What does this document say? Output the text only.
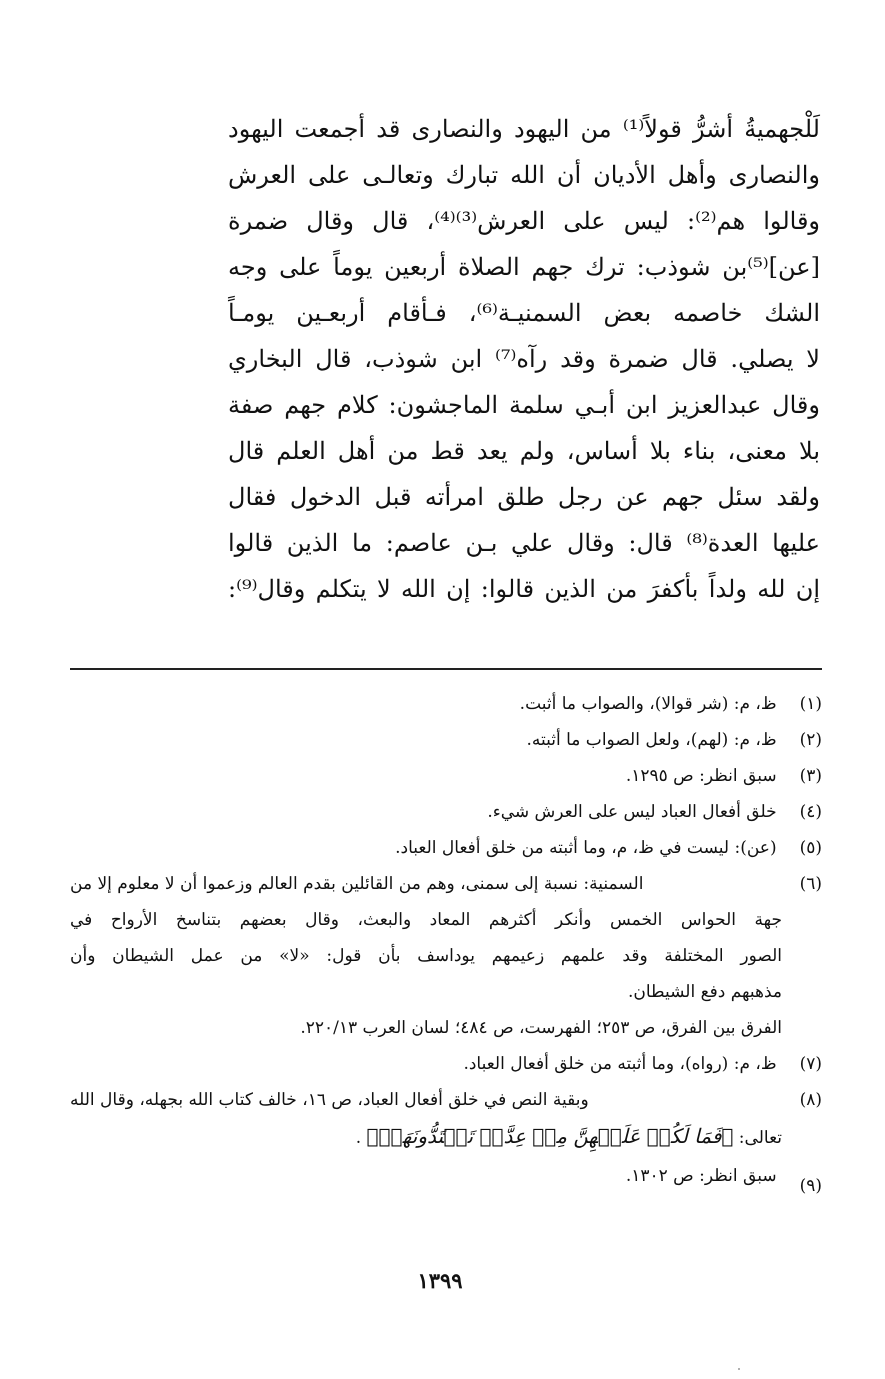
لَلْجهميةُ أشرُّ قولاً⁽¹⁾ من اليهود والنصارى قد أجمعت اليهود
والنصارى وأهل الأديان أن الله تبارك وتعالـى على العرش
وقالوا هم⁽²⁾: ليس على العرش⁽³⁾⁽⁴⁾، قال وقال ضمرة
[عن]⁽⁵⁾بن شوذب: ترك جهم الصلاة أربعين يوماً على وجه
الشك خاصمه بعض السمنيـة⁽⁶⁾، فـأقام أربعـين يومـاً
لا يصلي. قال ضمرة وقد رآه⁽⁷⁾ ابن شوذب، قال البخاري
وقال عبدالعزيز ابن أبـي سلمة الماجشون: كلام جهم صفة
بلا معنى، بناء بلا أساس، ولم يعد قط من أهل العلم قال
ولقد سئل جهم عن رجل طلق امرأته قبل الدخول فقال
عليها العدة⁽⁸⁾ قال: وقال علي بـن عاصم: ما الذين قالوا
إن لله ولداً بأكفرَ من الذين قالوا: إن الله لا يتكلم وقال⁽⁹⁾:
(١) ظ، م: (شر قوالا)، والصواب ما أثبت.
(٢) ظ، م: (لهم)، ولعل الصواب ما أثبته.
(٣) سبق انظر: ص ١٢٩٥.
(٤) خلق أفعال العباد ليس على العرش شيء.
(٥) (عن): ليست في ظ، م، وما أثبته من خلق أفعال العباد.
(٦) السمنية: نسبة إلى سمنى، وهم من القائلين بقدم العالم وزعموا أن لا معلوم إلا من
جهة الحواس الخمس وأنكر أكثرهم المعاد والبعث، وقال بعضهم بتناسخ الأرواح في
الصور المختلفة وقد علمهم زعيمهم يوداسف بأن قول: «لا» من عمل الشيطان وأن
مذهبهم دفع الشيطان.
الفرق بين الفرق، ص ٢٥٣؛ الفهرست، ص ٤٨٤؛ لسان العرب ٢٢٠/١٣.
(٧) ظ، م: (رواه)، وما أثبته من خلق أفعال العباد.
(٨) وبقية النص في خلق أفعال العباد، ص ١٦، خالف كتاب الله بجهله، وقال الله
تعالى: ﴿فَمَا لَكُمۡ عَلَيۡهِنَّ مِنۡ عِدَّةٖ تَعۡتَدُّونَهَاۖ﴾ .
(٩) سبق انظر: ص ١٣٠٢.
١٣٩٩
